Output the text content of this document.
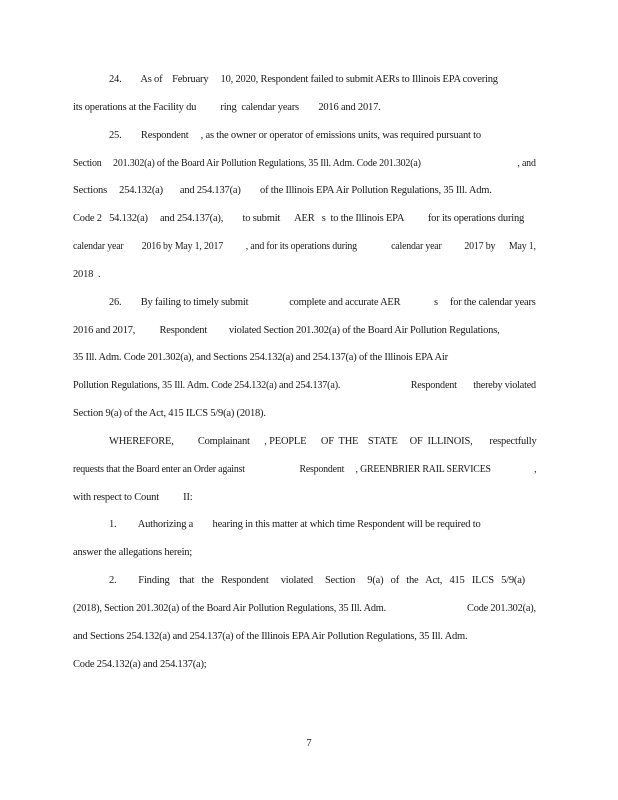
24.        As of    February     10, 2020, Respondent failed to submit AERs to Illinois EPA covering
its operations at the Facility du          ring  calendar years        2016 and 2017.
25.        Respondent     , as the owner or operator of emissions units, was required pursuant to
Section     201.302(a) of the Board Air Pollution Regulations, 35 Ill. Adm. Code 201.302(a)                                          , and
Sections     254.132(a)       and 254.137(a)        of the Illinois EPA Air Pollution Regulations, 35 Ill. Adm.
Code 2   54.132(a)     and 254.137(a),        to submit      AER   s  to the Illinois EPA          for its operations during
calendar year        2016 by May 1, 2017          , and for its operations during               calendar year          2017 by      May 1,
2018  .
26.        By failing to timely submit                 complete and accurate AER              s     for the calendar years
2016 and 2017,          Respondent         violated Section 201.302(a) of the Board Air Pollution Regulations,
35 Ill. Adm. Code 201.302(a), and Sections 254.132(a) and 254.137(a) of the Illinois EPA Air
Pollution Regulations, 35 Ill. Adm. Code 254.132(a) and 254.137(a).                              Respondent       thereby violated
Section 9(a) of the Act, 415 ILCS 5/9(a) (2018).
WHEREFORE,          Complainant      , PEOPLE      OF  THE    STATE     OF  ILLINOIS,       respectfully
requests that the Board enter an Order against                        Respondent     , GREENBRIER RAIL SERVICES                   ,
with respect to Count          II:
1.         Authorizing a        hearing in this matter at which time Respondent will be required to
answer the allegations herein;
2.         Finding    that   the   Respondent     violated     Section     9(a)   of   the   Act,   415   ILCS   5/9(a)
(2018), Section 201.302(a) of the Board Air Pollution Regulations, 35 Ill. Adm.                                  Code 201.302(a),
and Sections 254.132(a) and 254.137(a) of the Illinois EPA Air Pollution Regulations, 35 Ill. Adm.
Code 254.132(a) and 254.137(a);
7
